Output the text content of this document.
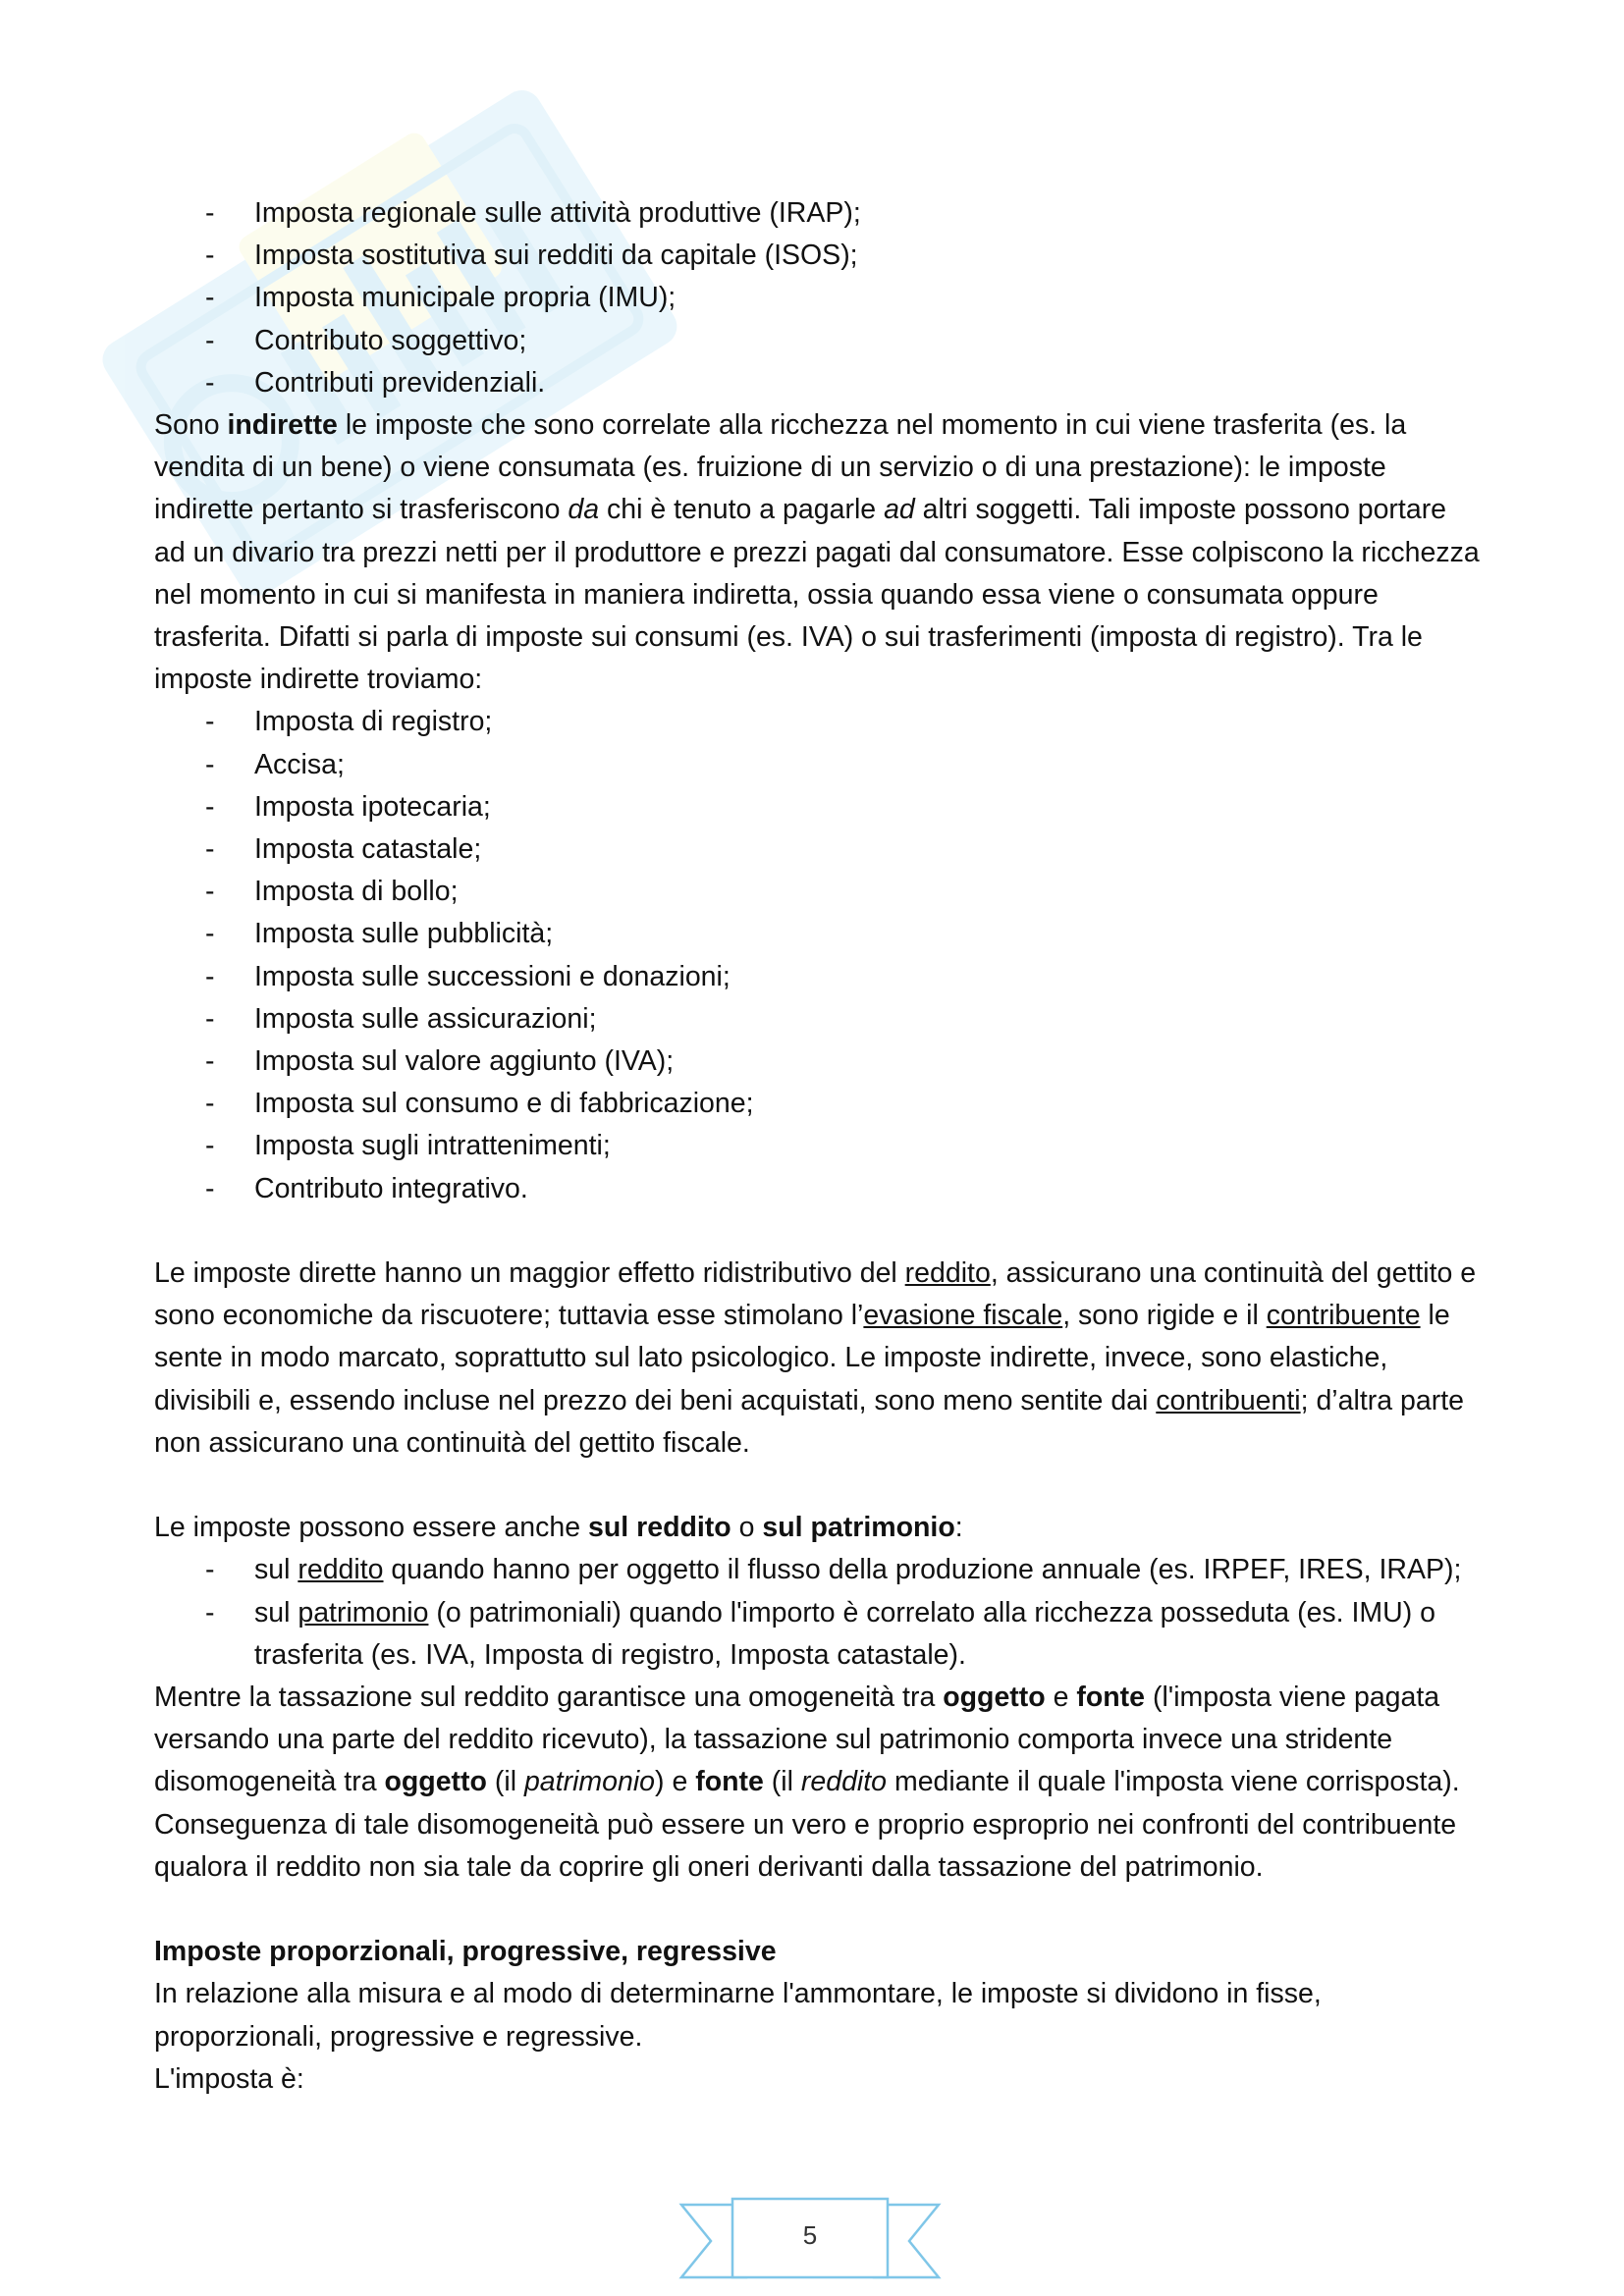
- Imposta regionale sulle attività produttive (IRAP);
- Imposta sostitutiva sui redditi da capitale (ISOS);
- Imposta municipale propria (IMU);
- Contributo soggettivo;
- Contributi previdenziali.

Sono indirette le imposte che sono correlate alla ricchezza nel momento in cui viene trasferita (es. la vendita di un bene) o viene consumata (es. fruizione di un servizio o di una prestazione): le imposte indirette pertanto si trasferiscono da chi è tenuto a pagarle ad altri soggetti. Tali imposte possono portare ad un divario tra prezzi netti per il produttore e prezzi pagati dal consumatore. Esse colpiscono la ricchezza nel momento in cui si manifesta in maniera indiretta, ossia quando essa viene o consumata oppure trasferita. Difatti si parla di imposte sui consumi (es. IVA) o sui trasferimenti (imposta di registro). Tra le imposte indirette troviamo:

- Imposta di registro;
- Accisa;
- Imposta ipotecaria;
- Imposta catastale;
- Imposta di bollo;
- Imposta sulle pubblicità;
- Imposta sulle successioni e donazioni;
- Imposta sulle assicurazioni;
- Imposta sul valore aggiunto (IVA);
- Imposta sul consumo e di fabbricazione;
- Imposta sugli intrattenimenti;
- Contributo integrativo.

Le imposte dirette hanno un maggior effetto ridistributivo del reddito, assicurano una continuità del gettito e sono economiche da riscuotere; tuttavia esse stimolano l’evasione fiscale, sono rigide e il contribuente le sente in modo marcato, soprattutto sul lato psicologico. Le imposte indirette, invece, sono elastiche, divisibili e, essendo incluse nel prezzo dei beni acquistati, sono meno sentite dai contribuenti; d’altra parte non assicurano una continuità del gettito fiscale.

Le imposte possono essere anche sul reddito o sul patrimonio:

- sul reddito quando hanno per oggetto il flusso della produzione annuale (es. IRPEF, IRES, IRAP);
- sul patrimonio (o patrimoniali) quando l'importo è correlato alla ricchezza posseduta (es. IMU) o trasferita (es. IVA, Imposta di registro, Imposta catastale).

Mentre la tassazione sul reddito garantisce una omogeneità tra oggetto e fonte (l'imposta viene pagata versando una parte del reddito ricevuto), la tassazione sul patrimonio comporta invece una stridente disomogeneità tra oggetto (il patrimonio) e fonte (il reddito mediante il quale l'imposta viene corrisposta). Conseguenza di tale disomogeneità può essere un vero e proprio esproprio nei confronti del contribuente qualora il reddito non sia tale da coprire gli oneri derivanti dalla tassazione del patrimonio.

Imposte proporzionali, progressive, regressive

In relazione alla misura e al modo di determinarne l'ammontare, le imposte si dividono in fisse, proporzionali, progressive e regressive.

L'imposta è:

5
